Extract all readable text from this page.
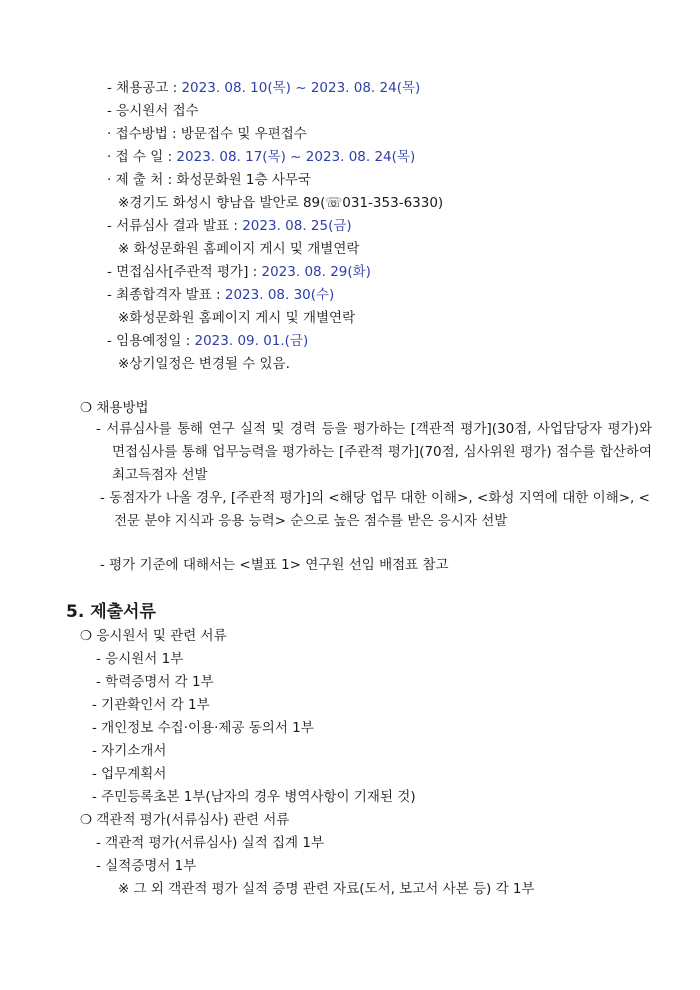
- 채용공고 : 2023. 08. 10(목) ~ 2023. 08. 24(목)
- 응시원서 접수
· 접수방법 : 방문접수 및 우편접수
· 접 수 일 : 2023. 08. 17(목) ~ 2023. 08. 24(목)
· 제 출 처 : 화성문화원 1층 사무국
※경기도 화성시 향남읍 발안로 89(☏031-353-6330)
- 서류심사 결과 발표 : 2023. 08. 25(금)
※ 화성문화원 홈페이지 게시 및 개별연락
- 면접심사[주관적 평가] : 2023. 08. 29(화)
- 최종합격자 발표 : 2023. 08. 30(수)
※화성문화원 홈페이지 게시 및 개별연락
- 임용예정일 : 2023. 09. 01.(금)
※상기일정은 변경될 수 있음.
❍ 채용방법
- 서류심사를 통해 연구 실적 및 경력 등을 평가하는 [객관적 평가](30점, 사업담당자 평가)와 면접심사를 통해 업무능력을 평가하는 [주관적 평가](70점, 심사위원 평가) 점수를 합산하여 최고득점자 선발
- 동점자가 나올 경우, [주관적 평가]의 <해당 업무 대한 이해>, <화성 지역에 대한 이해>, <전문 분야 지식과 응용 능력> 순으로 높은 점수를 받은 응시자 선발
- 평가 기준에 대해서는 <별표 1> 연구원 선임 배점표 참고
5. 제출서류
❍ 응시원서 및 관련 서류
- 응시원서 1부
- 학력증명서 각 1부
- 기관확인서 각 1부
- 개인정보 수집·이용·제공 동의서 1부
- 자기소개서
- 업무계획서
- 주민등록초본 1부(남자의 경우 병역사항이 기재된 것)
❍ 객관적 평가(서류심사) 관련 서류
- 객관적 평가(서류심사) 실적 집계 1부
- 실적증명서 1부
※ 그 외 객관적 평가 실적 증명 관련 자료(도서, 보고서 사본 등) 각 1부
